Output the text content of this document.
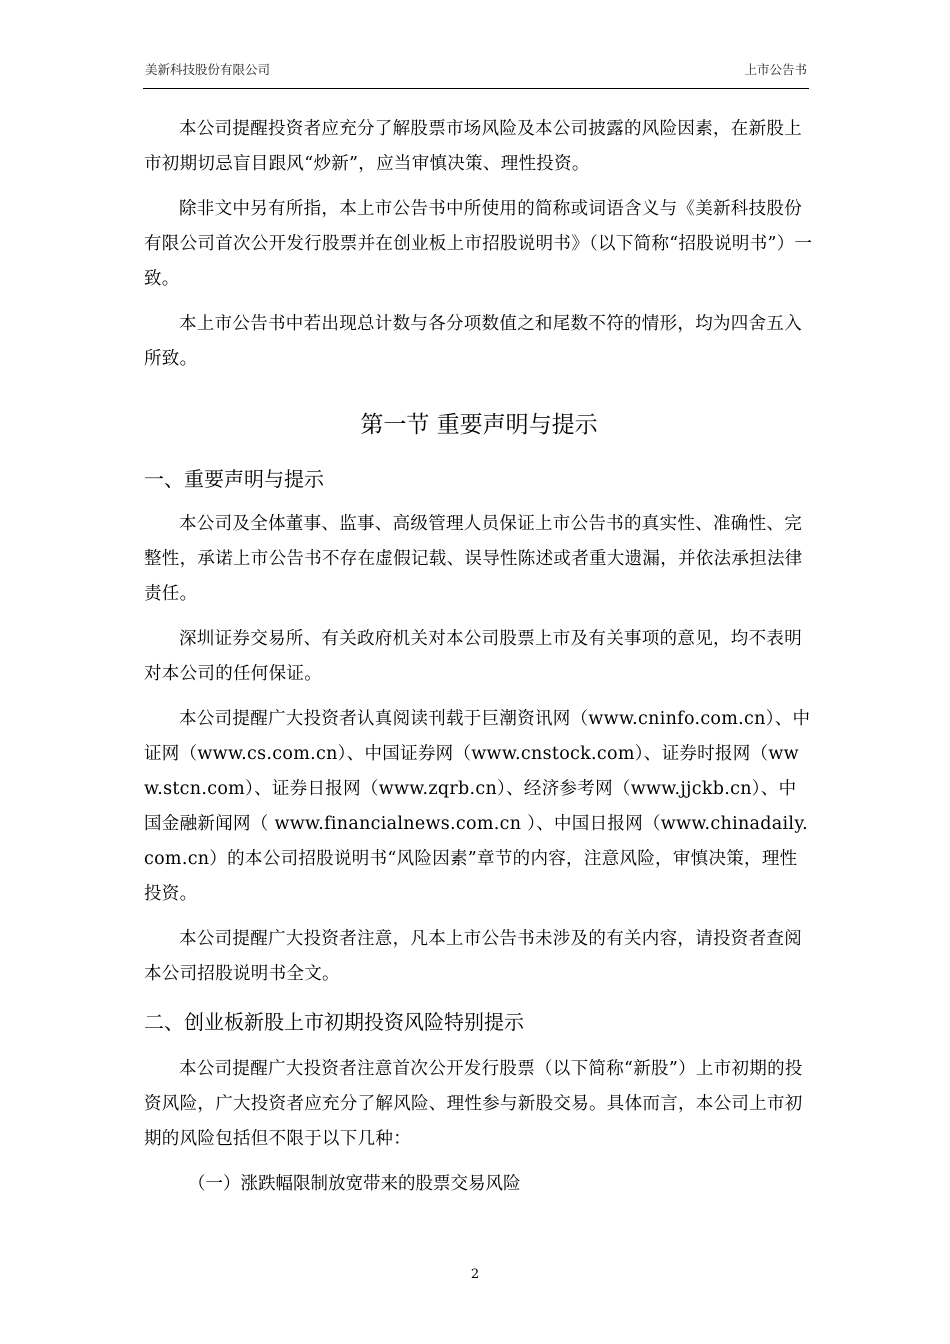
美新科技股份有限公司	上市公告书

本公司提醒投资者应充分了解股票市场风险及本公司披露的风险因素，在新股上市初期切忌盲目跟风“炒新”，应当审慎决策、理性投资。

除非文中另有所指，本上市公告书中所使用的简称或词语含义与《美新科技股份有限公司首次公开发行股票并在创业板上市招股说明书》（以下简称“招股说明书”）一致。

本上市公告书中若出现总计数与各分项数值之和尾数不符的情形，均为四舍五入所致。

第一节 重要声明与提示
一、重要声明与提示

本公司及全体董事、监事、高级管理人员保证上市公告书的真实性、准确性、完整性，承诺上市公告书不存在虚假记载、误导性陈述或者重大遗漏，并依法承担法律责任。

深圳证券交易所、有关政府机关对本公司股票上市及有关事项的意见，均不表明对本公司的任何保证。

本公司提醒广大投资者认真阅读刊载于巨潮资讯网（www.cninfo.com.cn）、中证网（www.cs.com.cn）、中国证券网（www.cnstock.com）、证券时报网（www.stcn.com）、证券日报网（www.zqrb.cn）、经济参考网（www.jjckb.cn）、中国金融新闻网（ www.financialnews.com.cn ）、中国日报网（www.chinadaily.com.cn）的本公司招股说明书“风险因素”章节的内容，注意风险，审慎决策，理性投资。

本公司提醒广大投资者注意，凡本上市公告书未涉及的有关内容，请投资者查阅本公司招股说明书全文。

二、创业板新股上市初期投资风险特别提示

本公司提醒广大投资者注意首次公开发行股票（以下简称“新股”）上市初期的投资风险，广大投资者应充分了解风险、理性参与新股交易。具体而言，本公司上市初期的风险包括但不限于以下几种：

（一）涨跌幅限制放宽带来的股票交易风险
2
